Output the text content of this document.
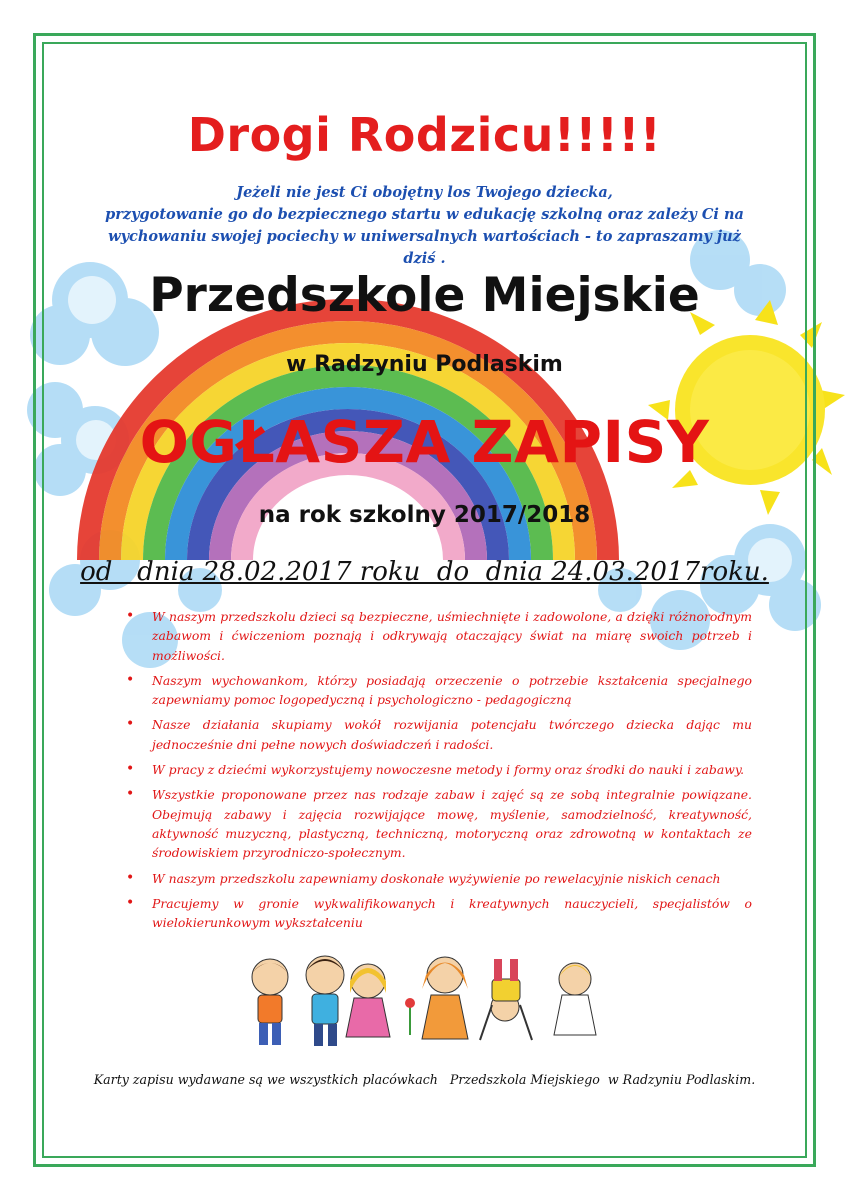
Drogi Rodzicu!!!!!
Jeżeli nie jest Ci obojętny los Twojego dziecka,
przygotowanie go do bezpiecznego startu w edukację szkolną oraz zależy Ci na
wychowaniu swojej pociechy w uniwersalnych wartościach - to zapraszamy już dziś .
Przedszkole Miejskie
w Radzyniu Podlaskim
OGŁASZA ZAPISY
na rok szkolny 2017/2018
od   dnia 28.02.2017 roku  do  dnia 24.03.2017roku.
• W naszym przedszkolu dzieci są bezpieczne, uśmiechnięte i zadowolone, a dzięki różnorodnym zabawom i ćwiczeniom poznają i odkrywają otaczający świat na miarę swoich potrzeb i możliwości.
• Naszym wychowankom, którzy posiadają orzeczenie o potrzebie kształcenia specjalnego zapewniamy pomoc logopedyczną i psychologiczno - pedagogiczną
• Nasze działania skupiamy wokół rozwijania potencjału twórczego dziecka dając mu jednocześnie dni pełne nowych doświadczeń i radości.
• W pracy z dziećmi wykorzystujemy nowoczesne metody i formy oraz środki do nauki i zabawy.
• Wszystkie proponowane przez nas rodzaje zabaw i zajęć są ze sobą integralnie powiązane. Obejmują zabawy i zajęcia rozwijające mowę, myślenie, samodzielność, kreatywność, aktywność muzyczną, plastyczną, techniczną, motoryczną oraz zdrowotną w kontaktach ze środowiskiem przyrodniczo-społecznym.
• W naszym przedszkolu zapewniamy doskonałe wyżywienie po rewelacyjnie niskich cenach
• Pracujemy w gronie wykwalifikowanych i kreatywnych nauczycieli, specjalistów o wielokierunkowym wykształceniu
Karty zapisu wydawane są we wszystkich placówkach   Przedszkola Miejskiego  w Radzyniu Podlaskim.
